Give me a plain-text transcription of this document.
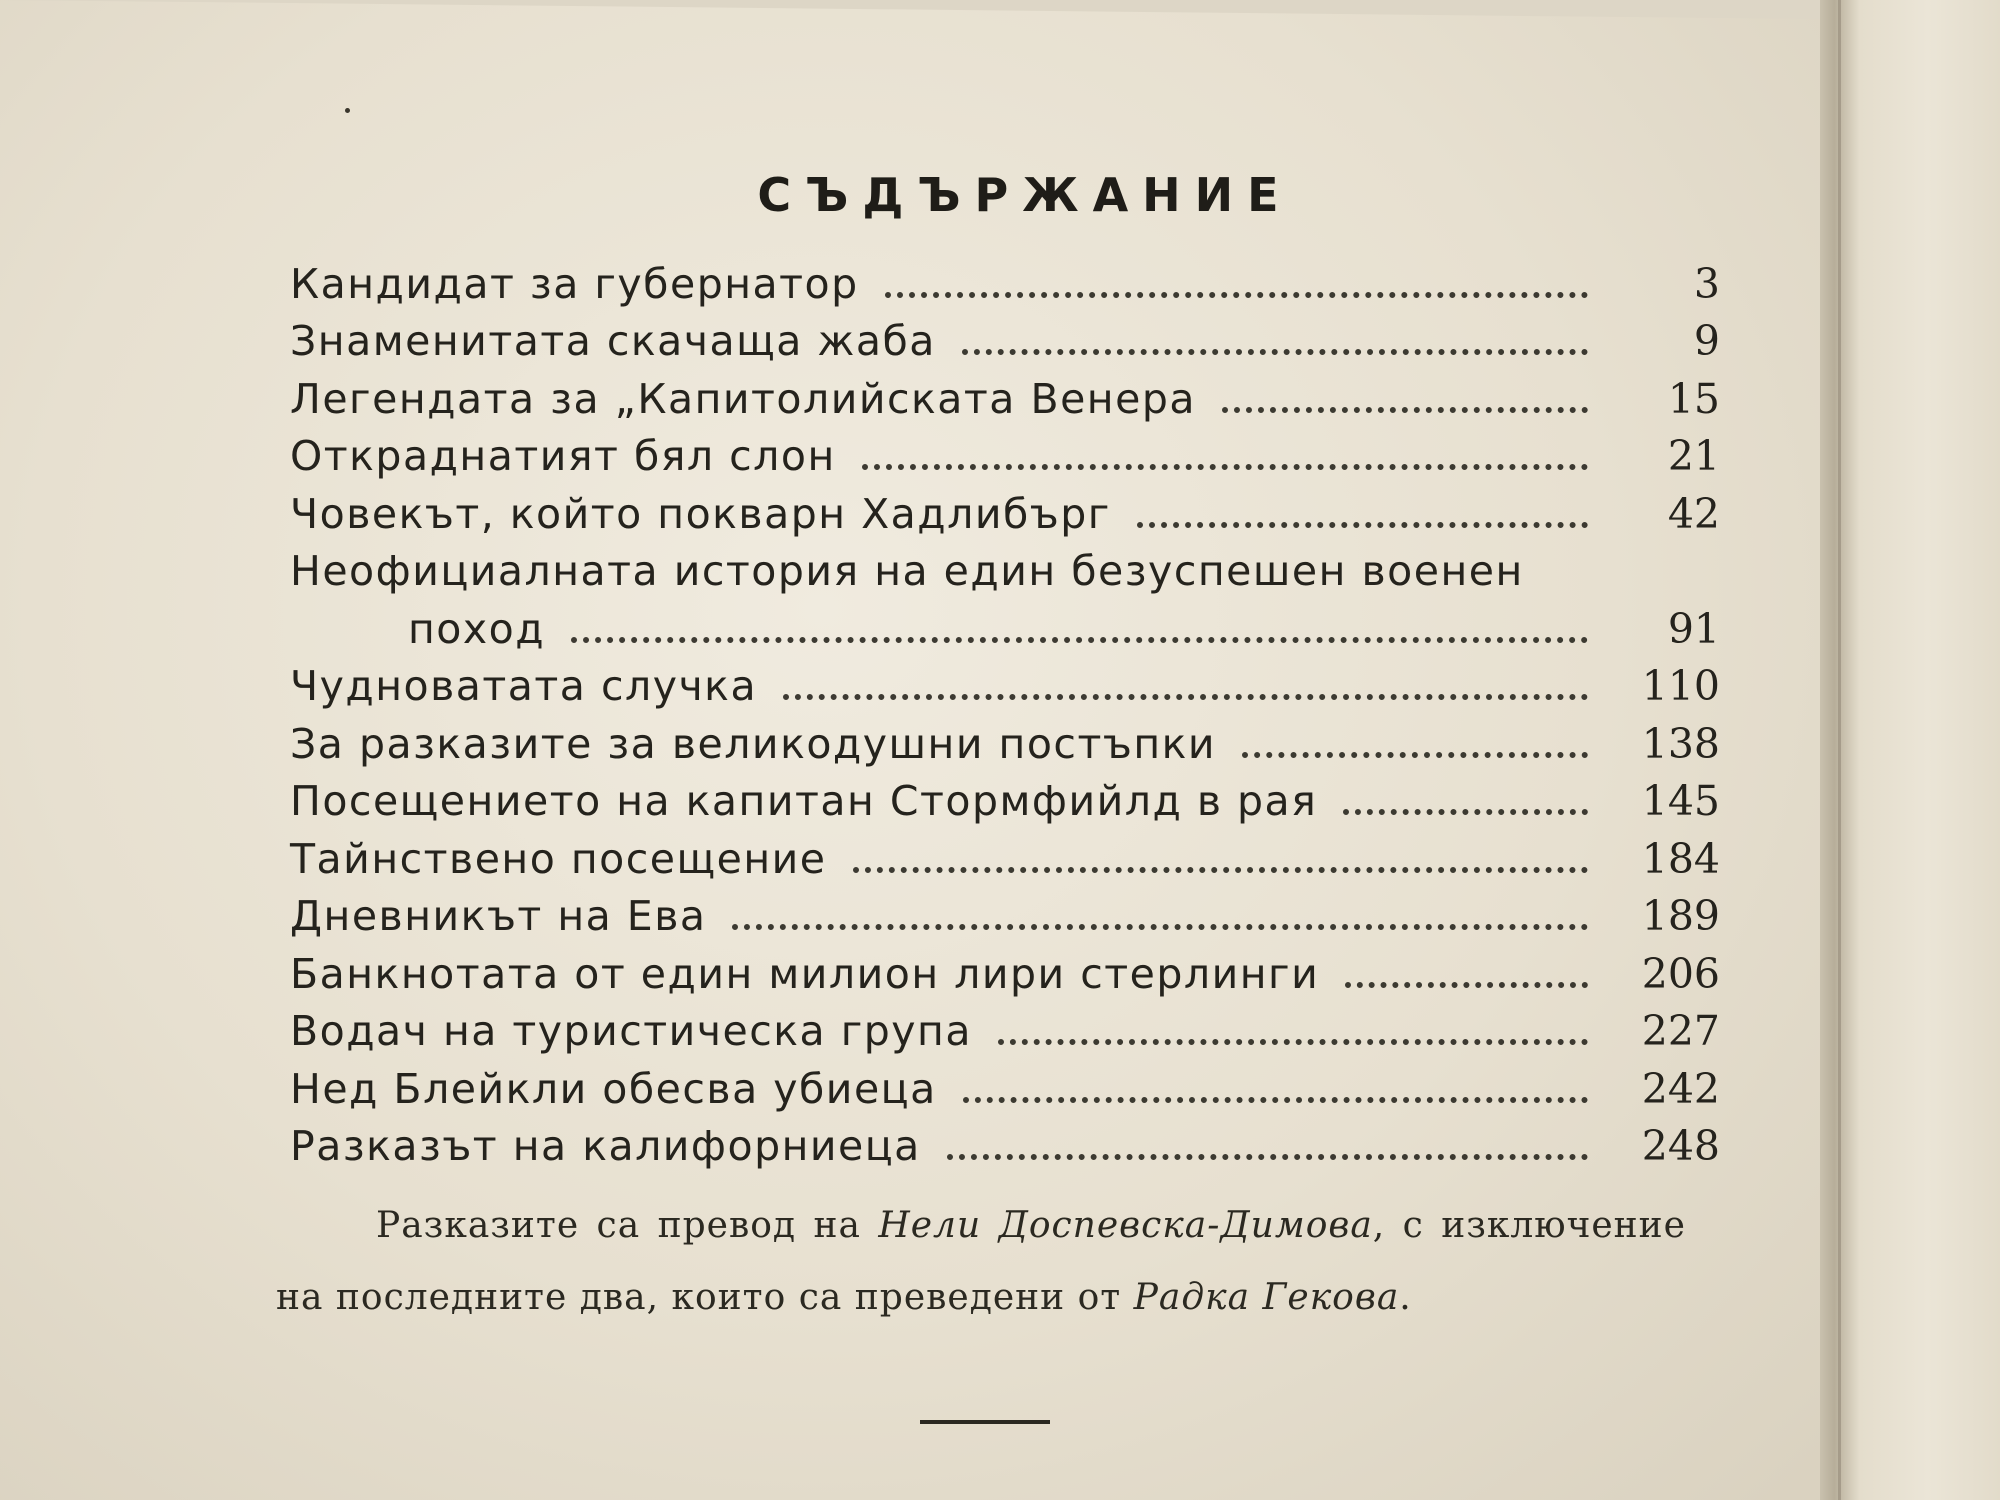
СЪДЪРЖАНИЕ
Кандидат за губернатор	3
Знаменитата скачаща жаба	9
Легендата за „Капитолийската Венера	15
Откраднатият бял слон	21
Човекът, който покварн Хадлибърг	42
Неофициалната история на един безуспешен военен
поход	91
Чудноватата случка	110
За разказите за великодушни постъпки	138
Посещението на капитан Стормфийлд в рая	145
Тайнствено посещение	184
Дневникът на Ева	189
Банкнотата от един милион лири стерлинги	206
Водач на туристическа група	227
Нед Блейкли обесва убиеца	242
Разказът на калифорниеца	248
Разказите са превод на Нели Доспевска-Димова, с изключение на последните два, които са преведени от Радка Гекова.
